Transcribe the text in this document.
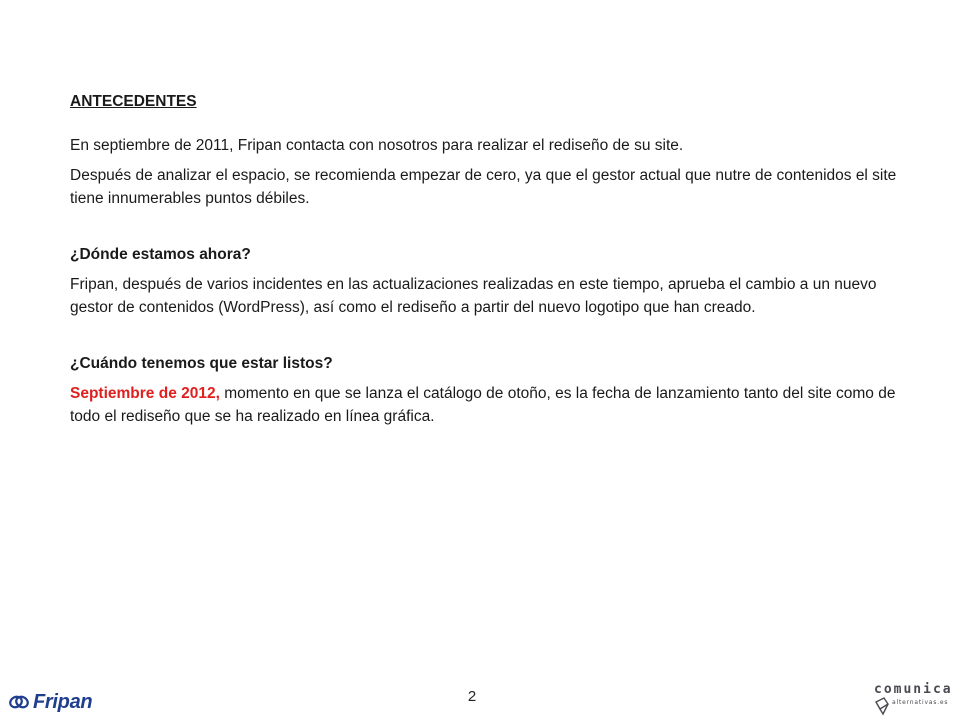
ANTECEDENTES

En septiembre de 2011, Fripan contacta con nosotros para realizar el rediseño de su site.

Después de analizar el espacio, se recomienda empezar de cero, ya que el gestor actual que nutre de contenidos el site tiene innumerables puntos débiles.

¿Dónde estamos ahora?

Fripan, después de varios incidentes en las actualizaciones realizadas en este tiempo, aprueba el cambio a un nuevo gestor de contenidos (WordPress), así como el rediseño a partir del nuevo logotipo que han creado.

¿Cuándo tenemos que estar listos?

Septiembre de 2012, momento en que se lanza el catálogo de otoño, es la fecha de lanzamiento tanto del site como de todo el rediseño que se ha realizado en línea gráfica.

Fripan	2	comunica
alternativas.es
